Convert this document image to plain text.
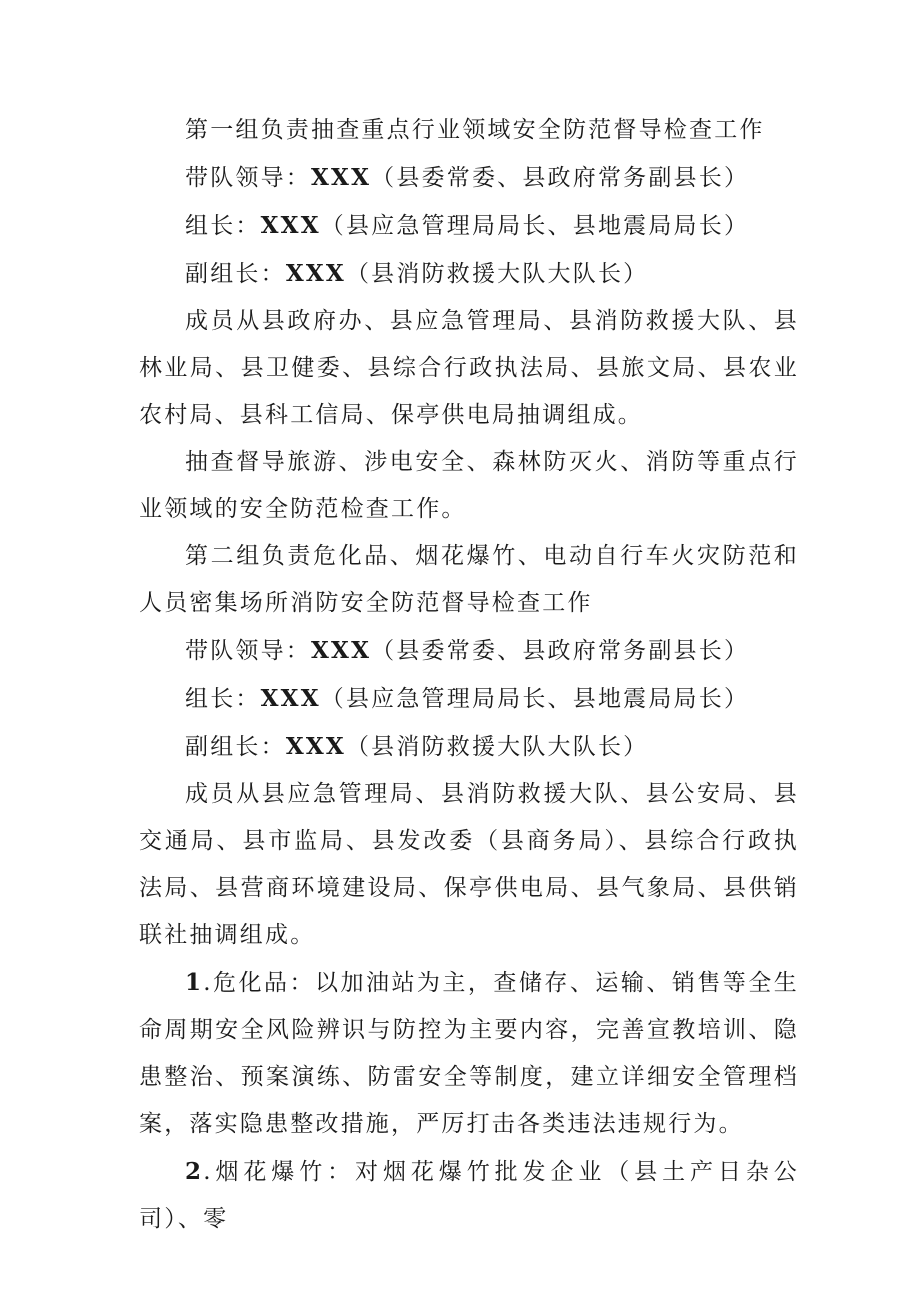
第一组负责抽查重点行业领域安全防范督导检查工作

带队领导：XXX（县委常委、县政府常务副县长）

组长：XXX（县应急管理局局长、县地震局局长）

副组长：XXX（县消防救援大队大队长）

成员从县政府办、县应急管理局、县消防救援大队、县林业局、县卫健委、县综合行政执法局、县旅文局、县农业农村局、县科工信局、保亭供电局抽调组成。

抽查督导旅游、涉电安全、森林防灭火、消防等重点行业领域的安全防范检查工作。

第二组负责危化品、烟花爆竹、电动自行车火灾防范和人员密集场所消防安全防范督导检查工作

带队领导：XXX（县委常委、县政府常务副县长）

组长：XXX（县应急管理局局长、县地震局局长）

副组长：XXX（县消防救援大队大队长）

成员从县应急管理局、县消防救援大队、县公安局、县交通局、县市监局、县发改委（县商务局）、县综合行政执法局、县营商环境建设局、保亭供电局、县气象局、县供销联社抽调组成。

1.危化品：以加油站为主，查储存、运输、销售等全生命周期安全风险辨识与防控为主要内容，完善宣教培训、隐患整治、预案演练、防雷安全等制度，建立详细安全管理档案，落实隐患整改措施，严厉打击各类违法违规行为。

2.烟花爆竹：对烟花爆竹批发企业（县土产日杂公司）、零
